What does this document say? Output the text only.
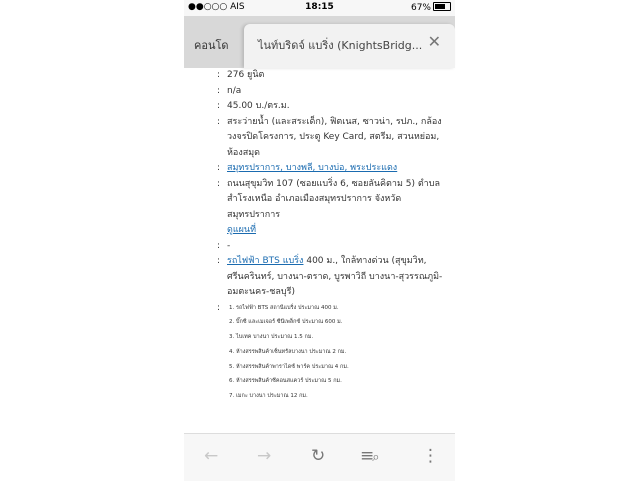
●●○○○ AIS	18:15	67%
คอนโด	ไนท์บริดจ์ แบริ่ง (KnightsBridg... ✕
: 276 ยูนิต
: n/a
: 45.00 บ./ตร.ม.
: สระว่ายน้ำ (และสระเด็ก), ฟิตเนส, ซาวน่า, รปภ., กล้องวงจรปิดโครงการ, ประตู Key Card, สตรีม, สวนหย่อม, ห้องสมุด
: สมุทรปราการ, บางพลี, บางบ่อ, พระประแดง
: ถนนสุขุมวิท 107 (ซอยแบริ่ง 6, ซอยลันคิตาม 5) ตำบลสำโรงเหนือ อำเภอเมืองสมุทรปราการ จังหวัดสมุทรปราการ
ดูแผนที่
: -
: รถไฟฟ้า BTS แบริ่ง 400 ม., ใกล้ทางด่วน (สุขุมวิท, ศรีนครินทร์, บางนา-ตราด, บูรพาวิถี บางนา-สุวรรณภูมิ-อมตะนคร-ชลบุรี)
: 1. รถไฟฟ้า BTS สถานีแบริ่ง ประมาณ 400 ม.
2. บิ๊กซี และเมเจอร์ ซีนีเพล็กซ์ ประมาณ 600 ม.
3. ไบเทค บางนา ประมาณ 1.5 กม.
4. ห้างสรรพสินค้าเซ็นทรัลบางนา ประมาณ 2 กม.
5. ห้างสรรพสินค้าพาราไดซ์ พาร์ค ประมาณ 4 กม.
6. ห้างสรรพสินค้าซีคอนสแควร์ ประมาณ 5 กม.
7. เมกะ บางนา ประมาณ 12 กม.
← → ↻ ≡⌕ ⋮
